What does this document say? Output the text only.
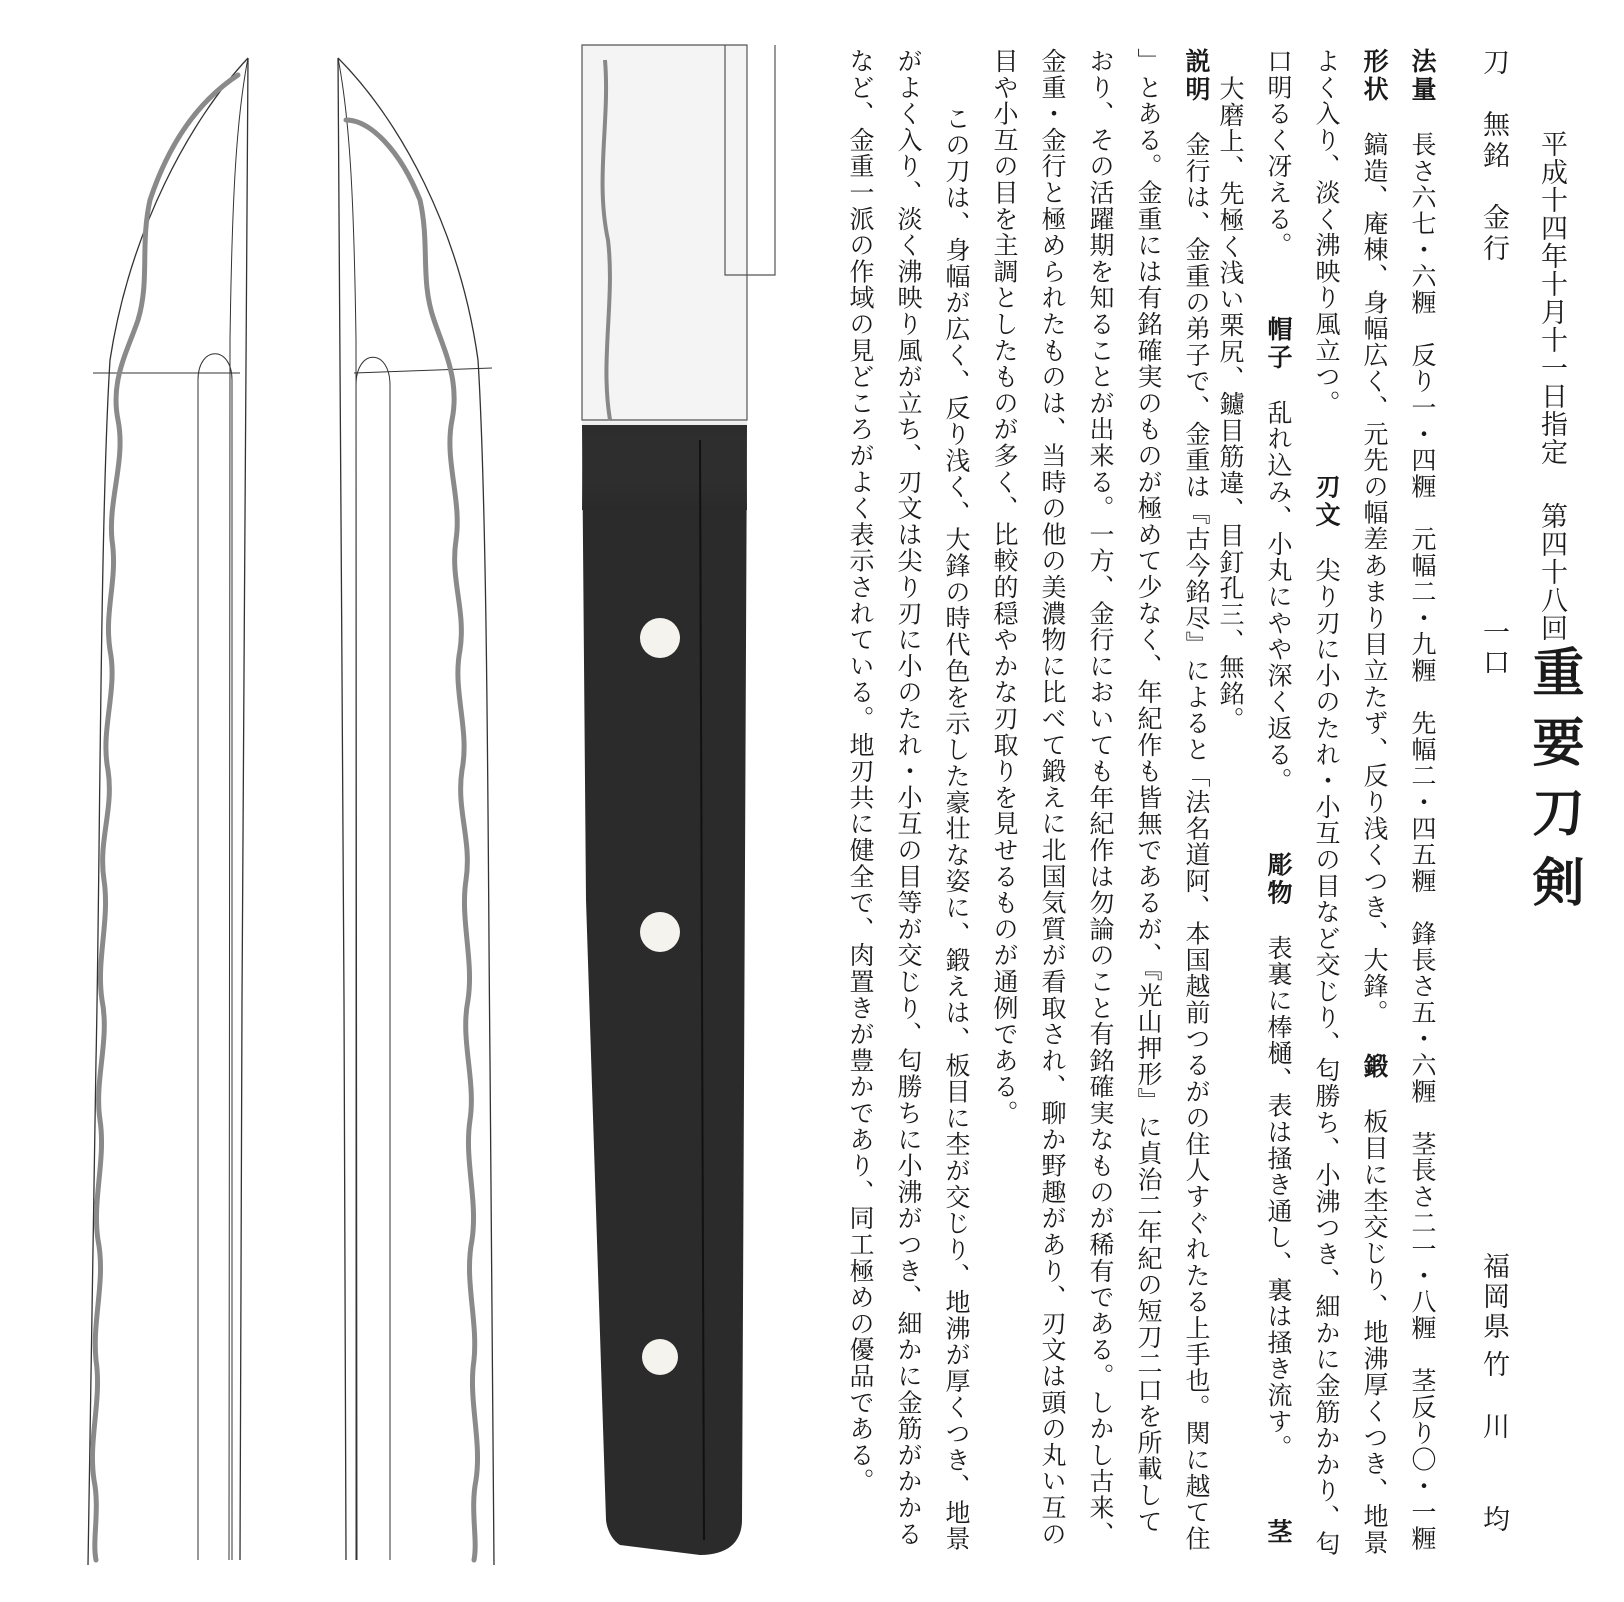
平成十四年十月十一日指定
第四十八回
重要刀剣
刀　無銘　金行
一口
福岡県
竹　川　　均

法量長さ六七・六糎　反り一・四糎　元幅二・九糎　先幅二・四五糎　鋒長さ五・六糎　茎長さ二一・八糎　茎反り〇・一糎

形状鎬造、庵棟、身幅広く、元先の幅差あまり目立たず、反り浅くつき、大鋒。鍛板目に杢交じり、地沸厚くつき、地景よく入り、淡く沸映り風立つ。刃文尖り刃に小のたれ・小互の目など交じり、匂勝ち、小沸つき、細かに金筋かかり、匂口明るく冴える。帽子乱れ込み、小丸にやや深く返る。彫物表裏に棒樋、表は掻き通し、裏は掻き流す。茎大磨上、先極く浅い栗尻、鑢目筋違、目釘孔三、無銘。

説明金行は、金重の弟子で、金重は『古今銘尽』によると「法名道阿、本国越前つるがの住人すぐれたる上手也。関に越て住」とある。金重には有銘確実のものが極めて少なく、年紀作も皆無であるが、『光山押形』に貞治二年紀の短刀二口を所載しており、その活躍期を知ることが出来る。一方、金行においても年紀作は勿論のこと有銘確実なものが稀有である。しかし古来、金重・金行と極められたものは、当時の他の美濃物に比べて鍛えに北国気質が看取され、聊か野趣があり、刃文は頭の丸い互の目や小互の目を主調としたものが多く、比較的穏やかな刃取りを見せるものが通例である。

この刀は、身幅が広く、反り浅く、大鋒の時代色を示した豪壮な姿に、鍛えは、板目に杢が交じり、地沸が厚くつき、地景がよく入り、淡く沸映り風が立ち、刃文は尖り刃に小のたれ・小互の目等が交じり、匂勝ちに小沸がつき、細かに金筋がかかるなど、金重一派の作域の見どころがよく表示されている。地刃共に健全で、肉置きが豊かであり、同工極めの優品である。
